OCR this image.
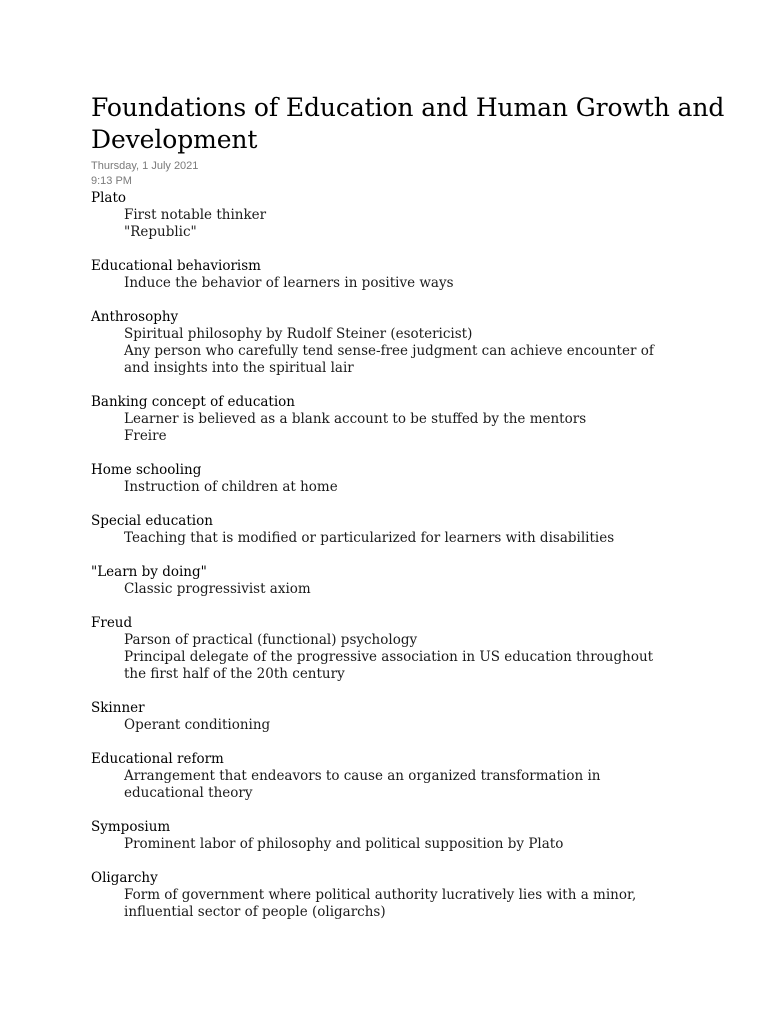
Foundations of Education and Human Growth and Development
Thursday, 1 July 2021
9:13 PM
Plato
First notable thinker
"Republic"
Educational behaviorism
Induce the behavior of learners in positive ways
Anthrosophy
Spiritual philosophy by Rudolf Steiner (esotericist)
Any person who carefully tend sense-free judgment can achieve encounter of
and insights into the spiritual lair
Banking concept of education
Learner is believed as a blank account to be stuffed by the mentors
Freire
Home schooling
Instruction of children at home
Special education
Teaching that is modified or particularized for learners with disabilities
"Learn by doing"
Classic progressivist axiom
Freud
Parson of practical (functional) psychology
Principal delegate of the progressive association in US education throughout
the first half of the 20th century
Skinner
Operant conditioning
Educational reform
Arrangement that endeavors to cause an organized transformation in
educational theory
Symposium
Prominent labor of philosophy and political supposition by Plato
Oligarchy
Form of government where political authority lucratively lies with a minor,
influential sector of people (oligarchs)
